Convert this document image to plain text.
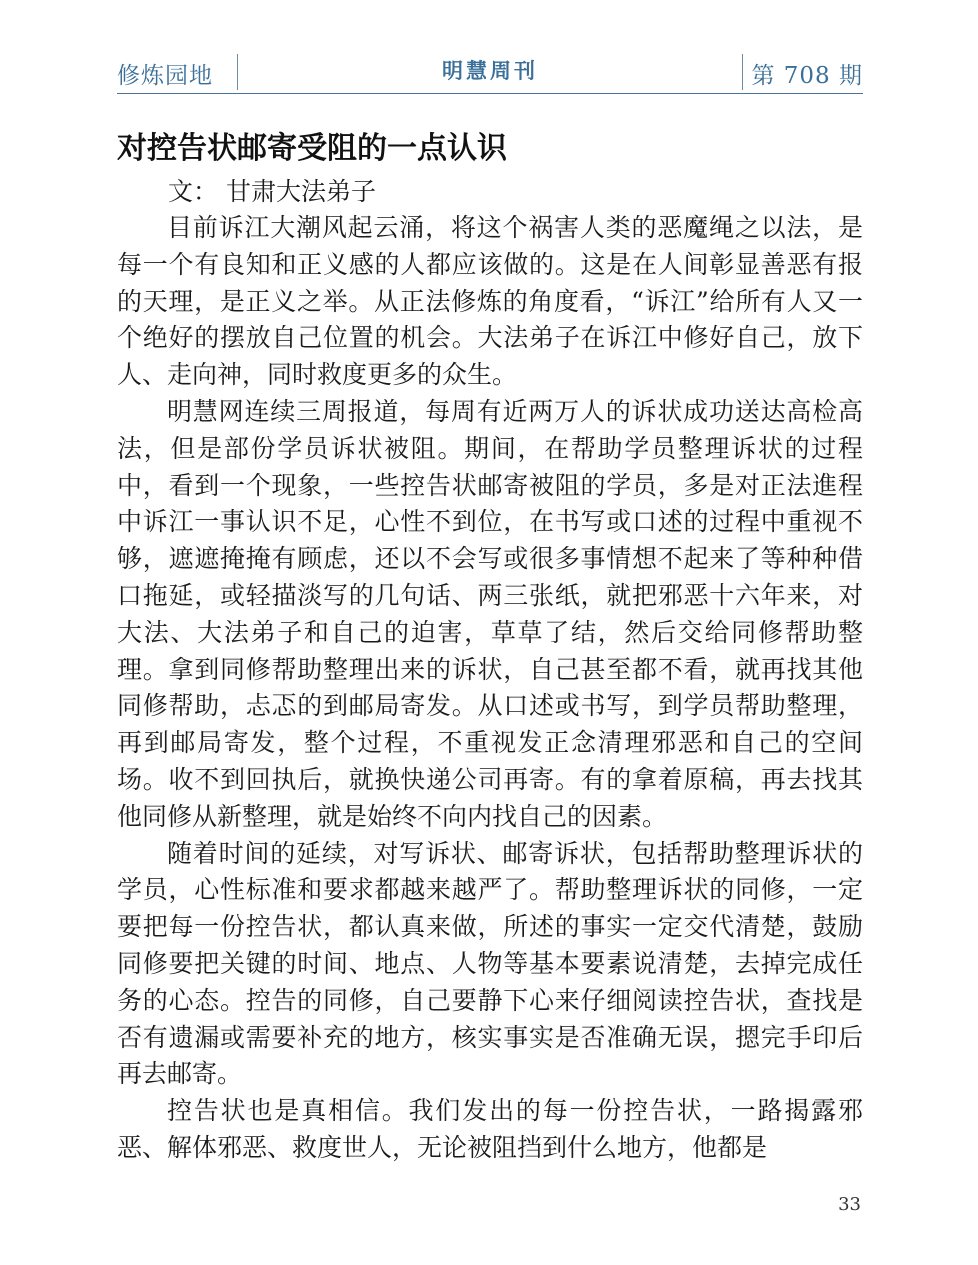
修炼园地	明慧周刊	第 708 期
对控告状邮寄受阻的一点认识
文： 甘肃大法弟子

目前诉江大潮风起云涌，将这个祸害人类的恶魔绳之以法，是每一个有良知和正义感的人都应该做的。这是在人间彰显善恶有报的天理，是正义之举。从正法修炼的角度看，“诉江”给所有人又一个绝好的摆放自己位置的机会。大法弟子在诉江中修好自己，放下人、走向神，同时救度更多的众生。

明慧网连续三周报道，每周有近两万人的诉状成功送达高检高法，但是部份学员诉状被阻。期间，在帮助学员整理诉状的过程中，看到一个现象，一些控告状邮寄被阻的学员，多是对正法進程中诉江一事认识不足，心性不到位，在书写或口述的过程中重视不够，遮遮掩掩有顾虑，还以不会写或很多事情想不起来了等种种借口拖延，或轻描淡写的几句话、两三张纸，就把邪恶十六年来，对大法、大法弟子和自己的迫害，草草了结，然后交给同修帮助整理。拿到同修帮助整理出来的诉状，自己甚至都不看，就再找其他同修帮助，忐忑的到邮局寄发。从口述或书写，到学员帮助整理，再到邮局寄发，整个过程，不重视发正念清理邪恶和自己的空间场。收不到回执后，就换快递公司再寄。有的拿着原稿，再去找其他同修从新整理，就是始终不向内找自己的因素。

随着时间的延续，对写诉状、邮寄诉状，包括帮助整理诉状的学员，心性标准和要求都越来越严了。帮助整理诉状的同修，一定要把每一份控告状，都认真来做，所述的事实一定交代清楚，鼓励同修要把关键的时间、地点、人物等基本要素说清楚，去掉完成任务的心态。控告的同修，自己要静下心来仔细阅读控告状，查找是否有遗漏或需要补充的地方，核实事实是否准确无误，摁完手印后再去邮寄。

控告状也是真相信。我们发出的每一份控告状，一路揭露邪恶、解体邪恶、救度世人，无论被阻挡到什么地方，他都是

33
